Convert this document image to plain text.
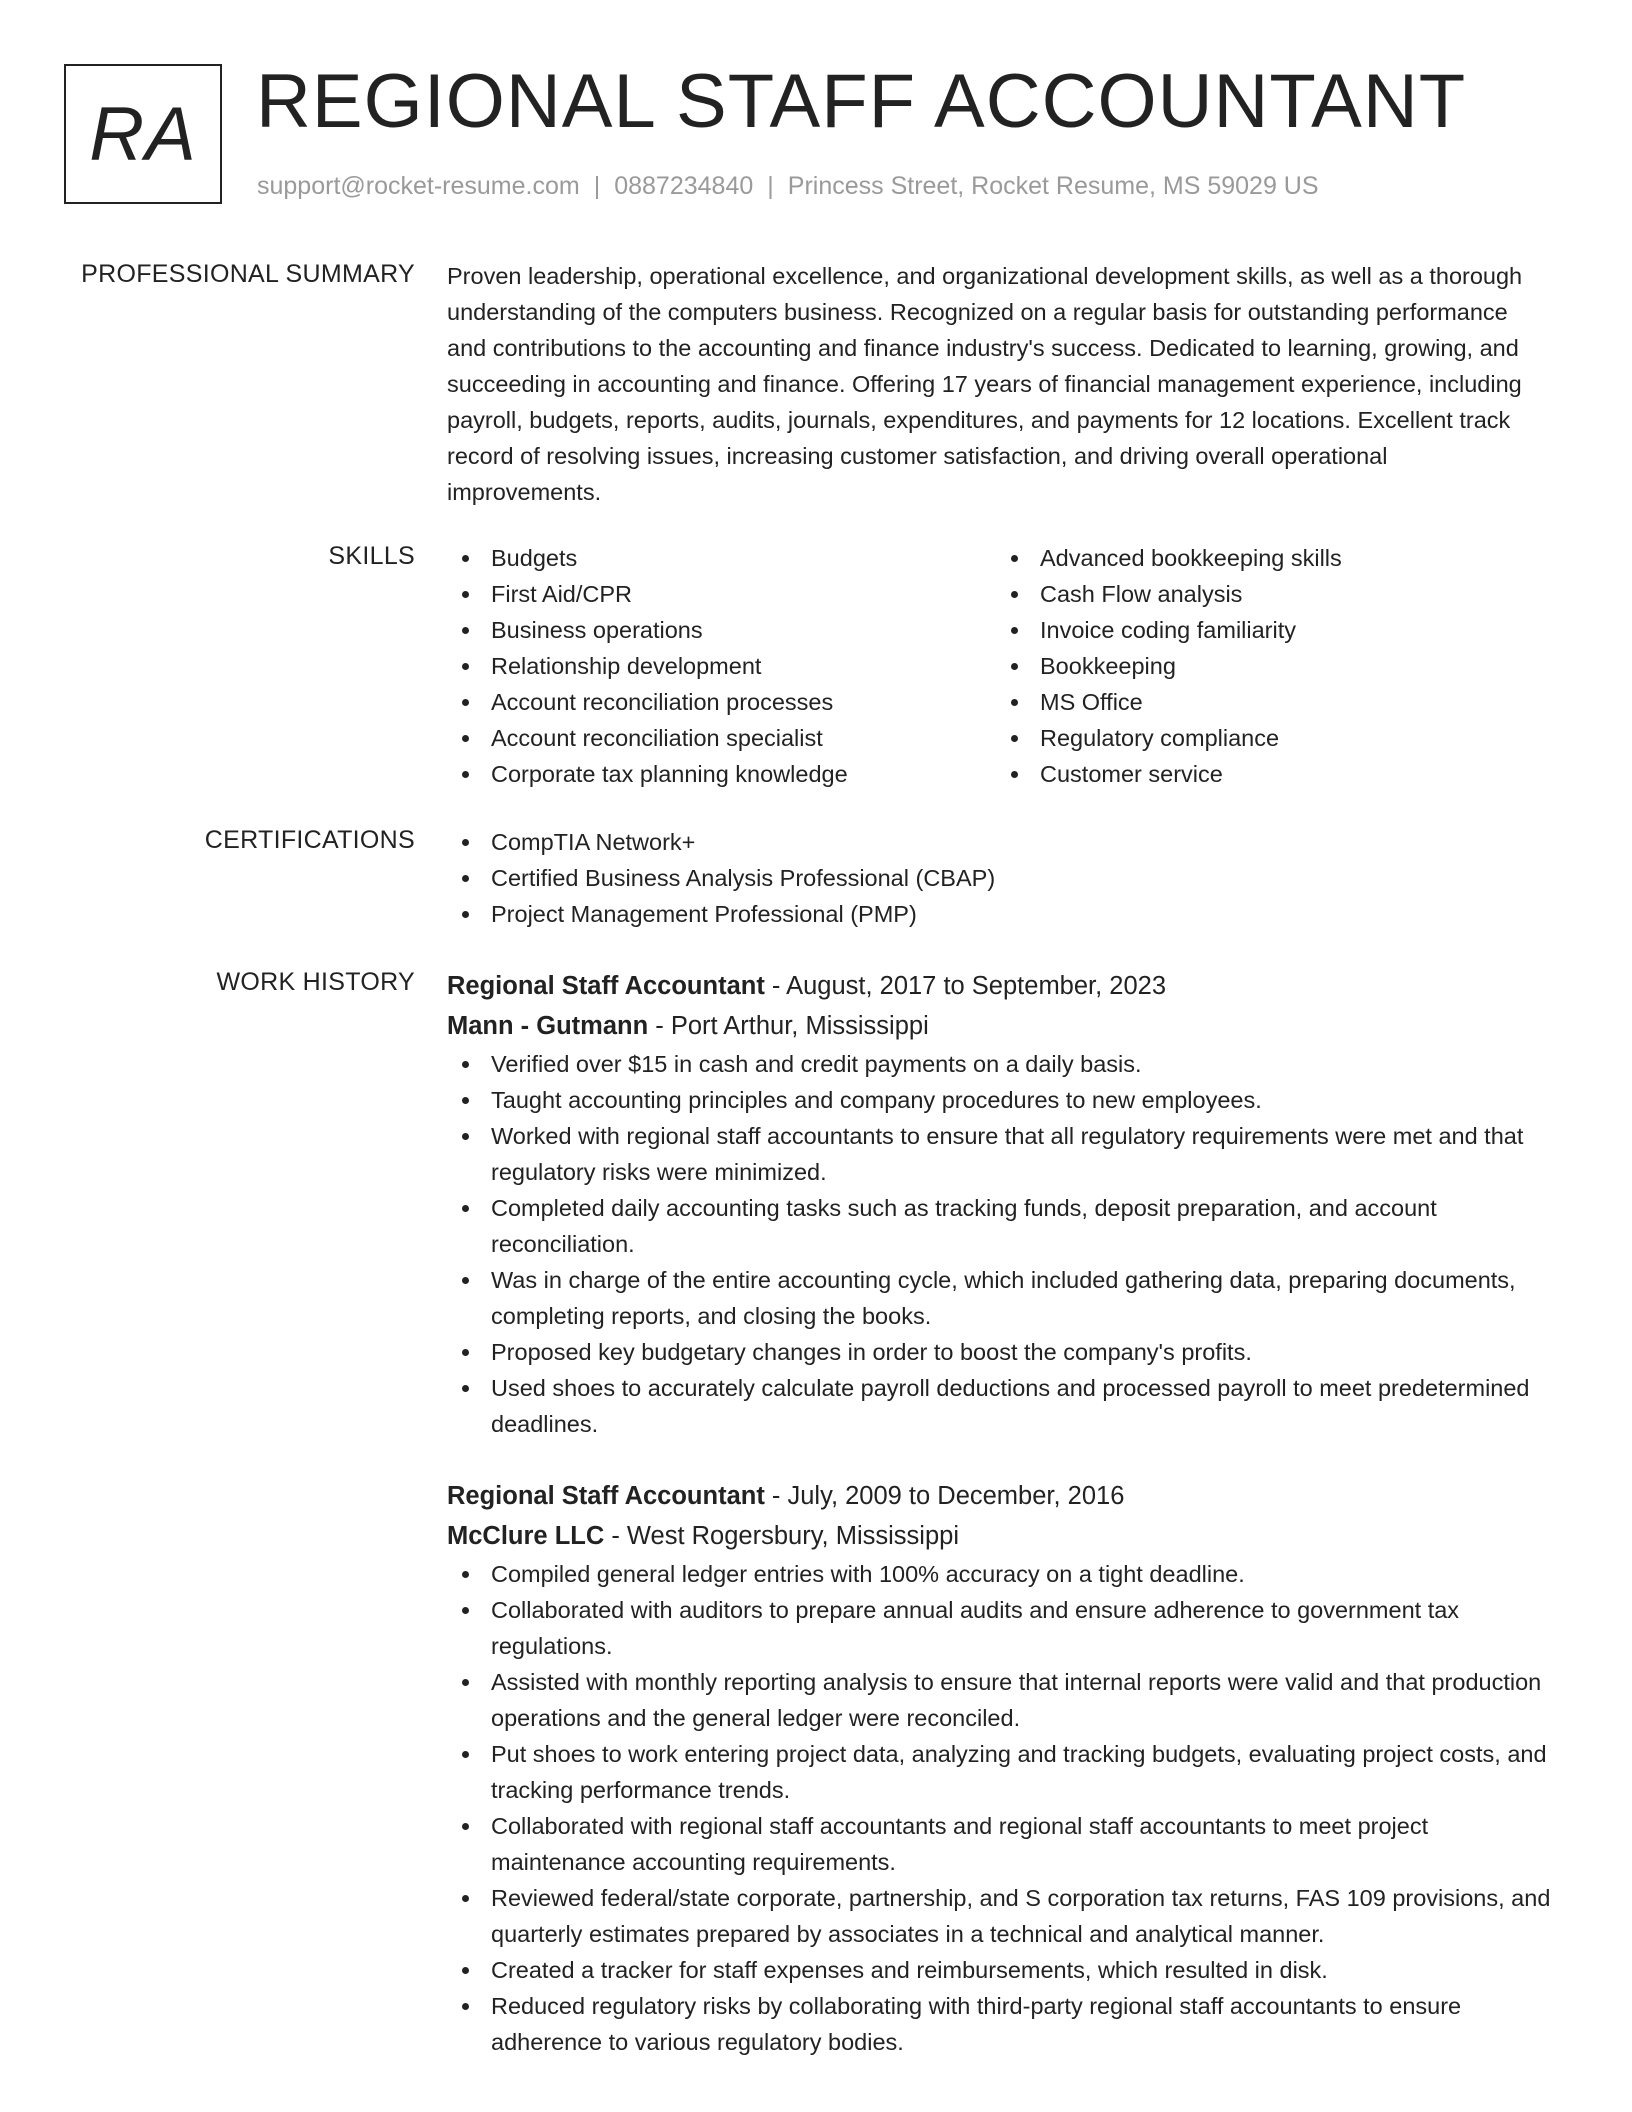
RA REGIONAL STAFF ACCOUNTANT
support@rocket-resume.com | 0887234840 | Princess Street, Rocket Resume, MS 59029 US
PROFESSIONAL SUMMARY Proven leadership, operational excellence, and organizational development skills, as well as a thorough understanding of the computers business. Recognized on a regular basis for outstanding performance and contributions to the accounting and finance industry's success. Dedicated to learning, growing, and succeeding in accounting and finance. Offering 17 years of financial management experience, including payroll, budgets, reports, audits, journals, expenditures, and payments for 12 locations. Excellent track record of resolving issues, increasing customer satisfaction, and driving overall operational improvements.
SKILLS	Budgets
First Aid/CPR
Business operations
Relationship development
Account reconciliation processes
Account reconciliation specialist
Corporate tax planning knowledge
Advanced bookkeeping skills
Cash Flow analysis
Invoice coding familiarity
Bookkeeping
MS Office
Regulatory compliance
Customer service
CERTIFICATIONS	CompTIA Network+
Certified Business Analysis Professional (CBAP)
Project Management Professional (PMP)
WORK HISTORY Regional Staff Accountant - August, 2017 to September, 2023
Mann - Gutmann - Port Arthur, Mississippi
Verified over $15 in cash and credit payments on a daily basis.
Taught accounting principles and company procedures to new employees.
Worked with regional staff accountants to ensure that all regulatory requirements were met and that regulatory risks were minimized.
Completed daily accounting tasks such as tracking funds, deposit preparation, and account reconciliation.
Was in charge of the entire accounting cycle, which included gathering data, preparing documents, completing reports, and closing the books.
Proposed key budgetary changes in order to boost the company's profits.
Used shoes to accurately calculate payroll deductions and processed payroll to meet predetermined deadlines.
Regional Staff Accountant - July, 2009 to December, 2016
McClure LLC - West Rogersbury, Mississippi
Compiled general ledger entries with 100% accuracy on a tight deadline.
Collaborated with auditors to prepare annual audits and ensure adherence to government tax regulations.
Assisted with monthly reporting analysis to ensure that internal reports were valid and that production operations and the general ledger were reconciled.
Put shoes to work entering project data, analyzing and tracking budgets, evaluating project costs, and tracking performance trends.
Collaborated with regional staff accountants and regional staff accountants to meet project maintenance accounting requirements.
Reviewed federal/state corporate, partnership, and S corporation tax returns, FAS 109 provisions, and quarterly estimates prepared by associates in a technical and analytical manner.
Created a tracker for staff expenses and reimbursements, which resulted in disk.
Reduced regulatory risks by collaborating with third-party regional staff accountants to ensure adherence to various regulatory bodies.
